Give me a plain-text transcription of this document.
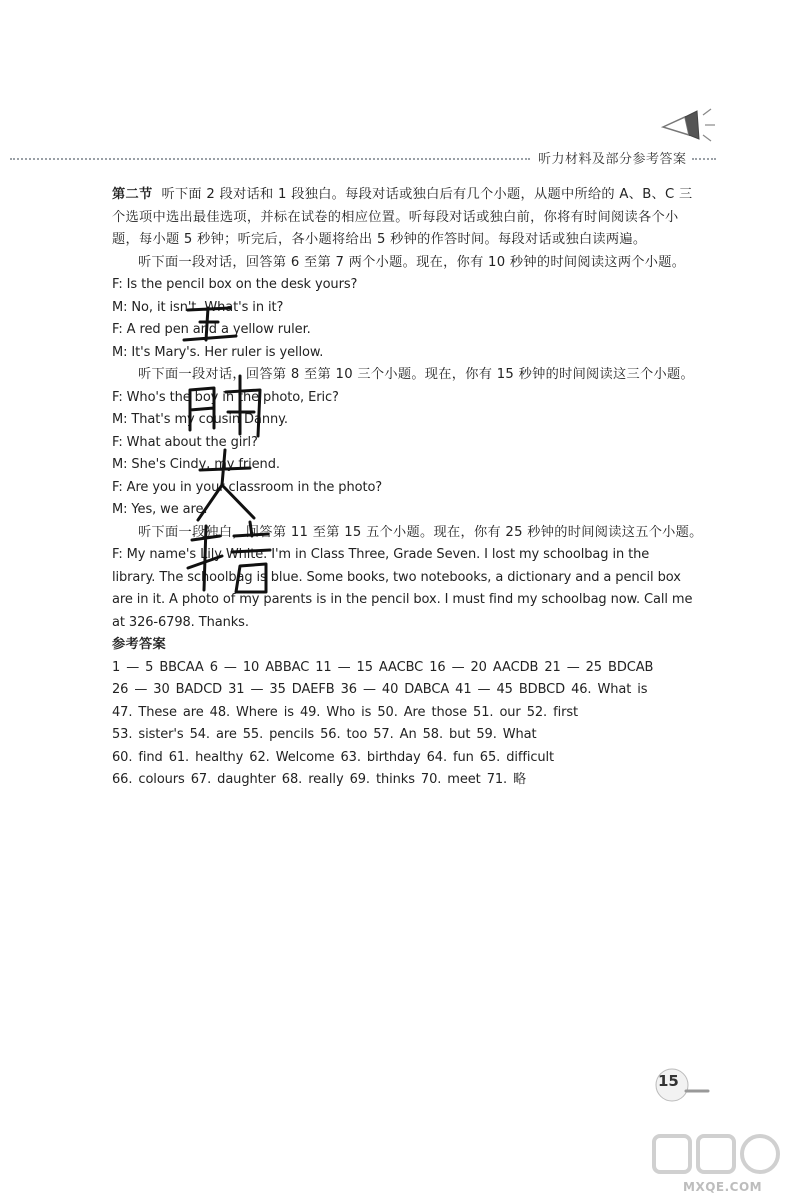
听力材料及部分参考答案

第二节 听下面 2 段对话和 1 段独白。每段对话或独白后有几个小题，从题中所给的 A、B、C 三

个选项中选出最佳选项，并标在试卷的相应位置。听每段对话或独白前，你将有时间阅读各个小

题，每小题 5 秒钟；听完后，各小题将给出 5 秒钟的作答时间。每段对话或独白读两遍。

听下面一段对话，回答第 6 至第 7 两个小题。现在，你有 10 秒钟的时间阅读这两个小题。

F: Is the pencil box on the desk yours?

M: No, it isn't. What's in it?

F: A red pen and a yellow ruler.

M: It's Mary's. Her ruler is yellow.

听下面一段对话，回答第 8 至第 10 三个小题。现在，你有 15 秒钟的时间阅读这三个小题。

F: Who's the boy in the photo, Eric?

M: That's my cousin Danny.

F: What about the girl?

M: She's Cindy, my friend.

F: Are you in your classroom in the photo?

M: Yes, we are.

听下面一段独白，回答第 11 至第 15 五个小题。现在，你有 25 秒钟的时间阅读这五个小题。

F: My name's Lily White. I'm in Class Three, Grade Seven. I lost my schoolbag in the

library. The schoolbag is blue. Some books, two notebooks, a dictionary and a pencil box

are in it. A photo of my parents is in the pencil box. I must find my schoolbag now. Call me

at 326-6798. Thanks.

参考答案

1 — 5 BBCAA 6 — 10 ABBAC 11 — 15 AACBC 16 — 20 AACDB 21 — 25 BDCAB

26 — 30 BADCD 31 — 35 DAEFB 36 — 40 DABCA 41 — 45 BDBCD 46. What is

47. These are 48. Where is 49. Who is 50. Are those 51. our 52. first

53. sister's 54. are 55. pencils 56. too 57. An 58. but 59. What

60. find 61. healthy 62. Welcome 63. birthday 64. fun 65. difficult

66. colours 67. daughter 68. really 69. thinks 70. meet 71. 略

15
MXQE.COM
